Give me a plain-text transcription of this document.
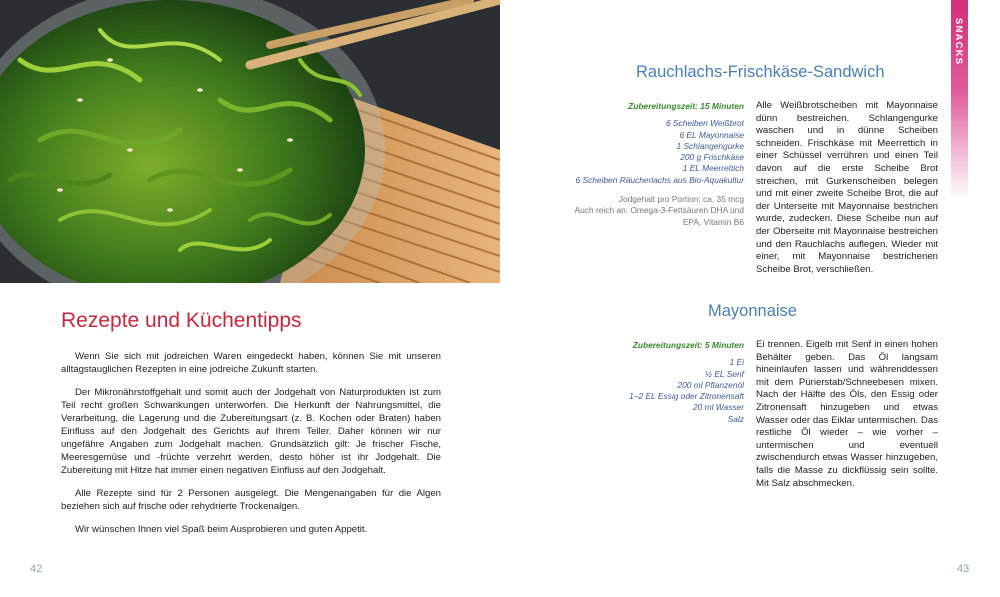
Rezepte und Küchentipps

Wenn Sie sich mit jodreichen Waren eingedeckt haben, können Sie mit unseren alltagstauglichen Rezepten in eine jodreiche Zukunft starten.

Der Mikronährstoffgehalt und somit auch der Jodgehalt von Naturprodukten ist zum Teil recht großen Schwankungen unterworfen. Die Herkunft der Nahrungsmittel, die Verarbeitung, die Lagerung und die Zubereitungsart (z. B. Kochen oder Braten) haben Einfluss auf den Jodgehalt des Gerichts auf Ihrem Teller. Daher können wir nur ungefähre Angaben zum Jodgehalt machen. Grundsätzlich gilt: Je frischer Fische, Meeresgemüse und -früchte verzehrt werden, desto höher ist ihr Jodgehalt. Die Zubereitung mit Hitze hat immer einen negativen Einfluss auf den Jodgehalt.

Alle Rezepte sind für 2 Personen ausgelegt. Die Mengenangaben für die Algen beziehen sich auf frische oder rehydrierte Trockenalgen.

Wir wünschen Ihnen viel Spaß beim Ausprobieren und guten Appetit.

42
SNACKS
Rauchlachs-Frischkäse-Sandwich
Zubereitungszeit: 15 Minuten
6 Scheiben Weißbrot
6 EL Mayonnaise
1 Schlangengurke
200 g Frischkäse
1 EL Meerrettich
6 Scheiben Räucherlachs aus Bio-Aquakultur
Jodgehalt pro Portion: ca. 35 mcg
Auch reich an: Omega-3-Fettsäuren DHA und EPA, Vitamin B6
Alle Weißbrotscheiben mit Mayonnaise dünn bestreichen. Schlangengurke waschen und in dünne Scheiben schneiden. Frischkäse mit Meerrettich in einer Schüssel verrühren und einen Teil davon auf die erste Scheibe Brot streichen, mit Gurkenscheiben belegen und mit einer zweite Scheibe Brot, die auf der Unterseite mit Mayonnaise bestrichen wurde, zudecken. Diese Scheibe nun auf der Oberseite mit Mayonnaise bestreichen und den Rauchlachs auflegen. Wieder mit einer, mit Mayonnaise bestrichenen Scheibe Brot, verschließen.
Mayonnaise
Zubereitungszeit: 5 Minuten
1 Ei
½ EL Senf
200 ml Pflanzenöl
1–2 EL Essig oder Zitronensaft
20 ml Wasser
Salz
Ei trennen. Eigelb mit Senf in einen hohen Behälter geben. Das Öl langsam hineinlaufen lassen und währenddessen mit dem Pürierstab/Schneebesen mixen. Nach der Hälfte des Öls, den Essig oder Zitronensaft hinzugeben und etwas Wasser oder das Eiklar untermischen. Das restliche Öl wieder – wie vorher – untermischen und eventuell zwischendurch etwas Wasser hinzugeben, falls die Masse zu dickflüssig sein sollte. Mit Salz abschmecken.
43
